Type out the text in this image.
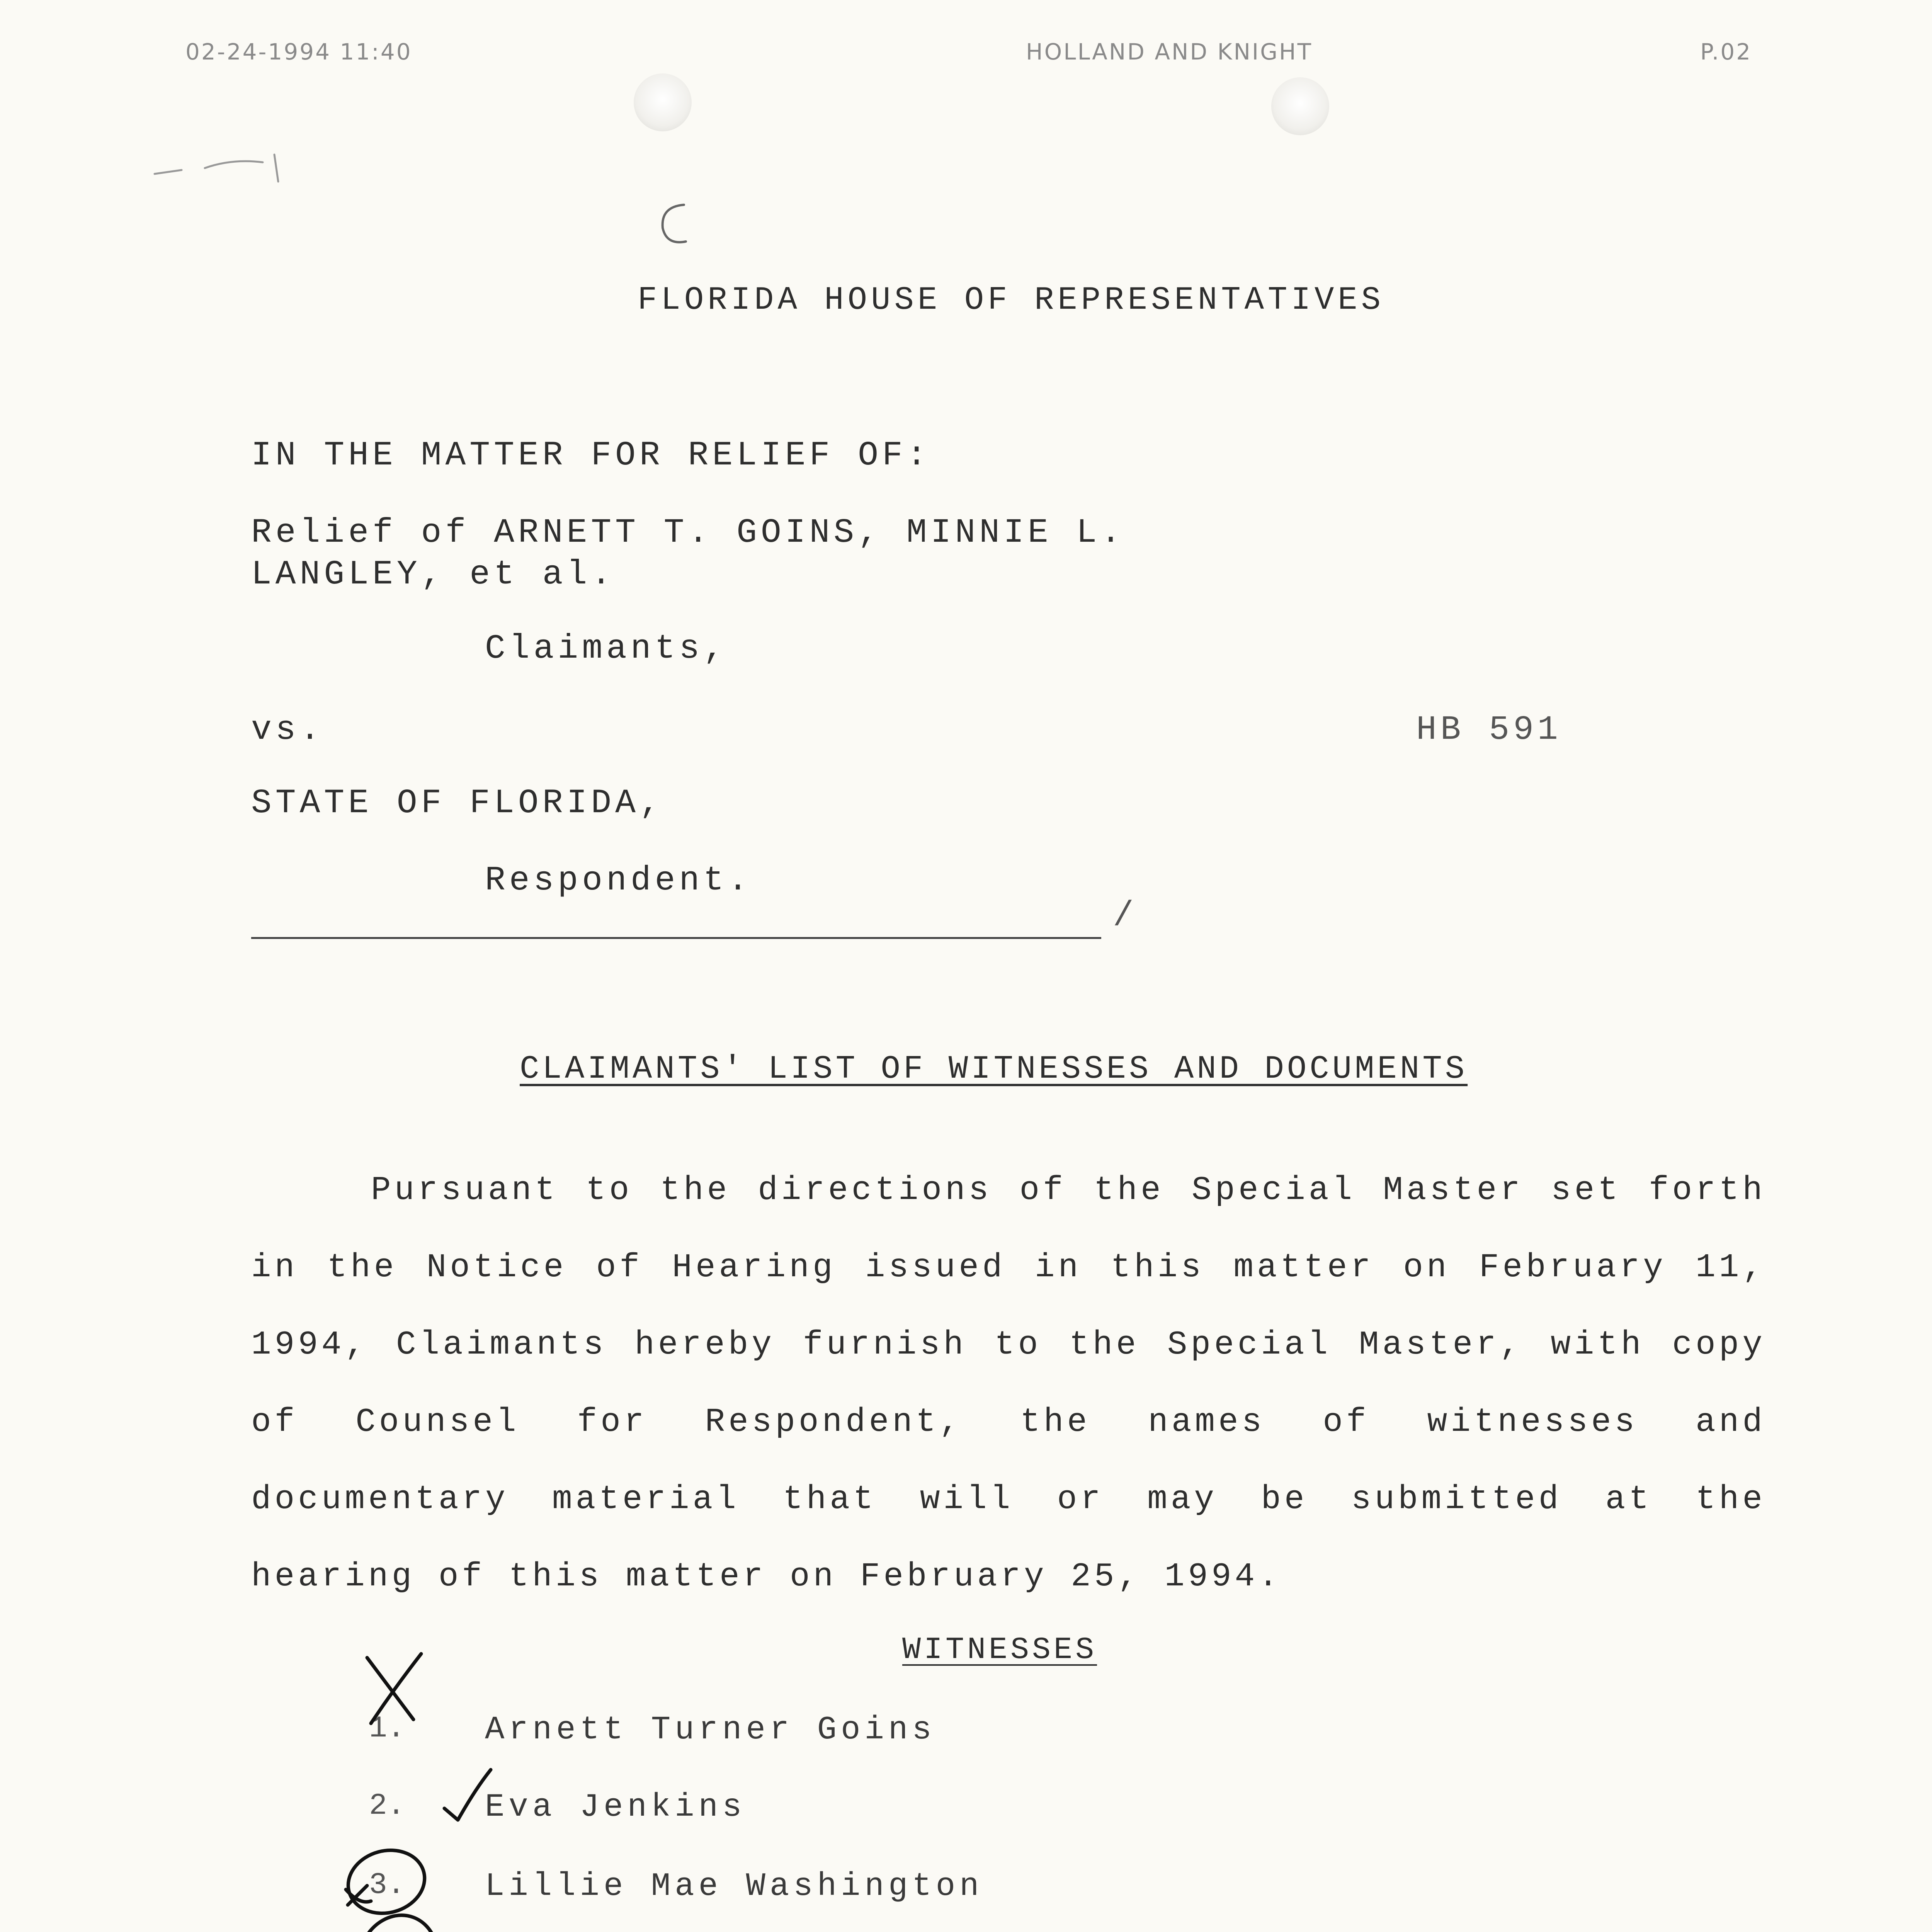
02-24-1994 11:40	HOLLAND AND KNIGHT	P.02
FLORIDA HOUSE OF REPRESENTATIVES
IN THE MATTER FOR RELIEF OF:
Relief of ARNETT T. GOINS, MINNIE L.
LANGLEY, et al.
Claimants,
vs.	HB 591
STATE OF FLORIDA,
Respondent.
/
CLAIMANTS' LIST OF WITNESSES AND DOCUMENTS
Pursuant to the directions of the Special Master set forth in the Notice of Hearing issued in this matter on February 11, 1994, Claimants hereby furnish to the Special Master, with copy of Counsel for Respondent, the names of witnesses and documentary material that will or may be submitted at the hearing of this matter on February 25, 1994.
WITNESSES
1. Arnett Turner Goins
2. Eva Jenkins
3. Lillie Mae Washington
